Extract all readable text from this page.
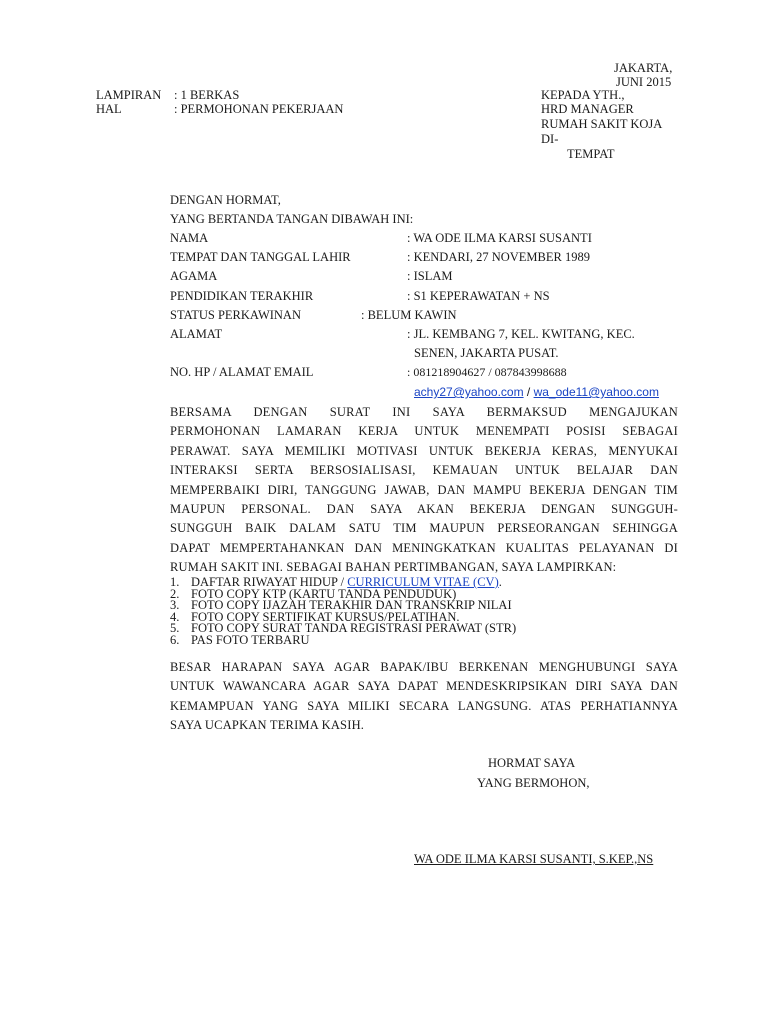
JAKARTA,
JUNI 2015
LAMPIRAN : 1 BERKAS
HAL	: PERMOHONAN PEKERJAAN
KEPADA YTH.,
HRD MANAGER
RUMAH SAKIT KOJA
DI-
TEMPAT
DENGAN HORMAT,
YANG BERTANDA TANGAN DIBAWAH INI:
NAMA	: WA ODE ILMA KARSI SUSANTI
TEMPAT DAN TANGGAL LAHIR	: KENDARI, 27 NOVEMBER 1989
AGAMA	: ISLAM
PENDIDIKAN TERAKHIR	: S1 KEPERAWATAN + NS
STATUS PERKAWINAN	: BELUM KAWIN
ALAMAT	: JL. KEMBANG 7, KEL. KWITANG, KEC.
SENEN, JAKARTA PUSAT.
NO. HP / ALAMAT EMAIL	: 081218904627 / 087843998688
achy27@yahoo.com / wa_ode11@yahoo.com
BERSAMA DENGAN SURAT INI SAYA BERMAKSUD MENGAJUKAN
PERMOHONAN LAMARAN KERJA UNTUK MENEMPATI POSISI SEBAGAI
PERAWAT. SAYA MEMILIKI MOTIVASI UNTUK BEKERJA KERAS, MENYUKAI
INTERAKSI SERTA BERSOSIALISASI, KEMAUAN UNTUK BELAJAR DAN
MEMPERBAIKI DIRI, TANGGUNG JAWAB, DAN MAMPU BEKERJA DENGAN TIM
MAUPUN PERSONAL. DAN SAYA AKAN BEKERJA DENGAN SUNGGUH-
SUNGGUH BAIK DALAM SATU TIM MAUPUN PERSEORANGAN SEHINGGA
DAPAT MEMPERTAHANKAN DAN MENINGKATKAN KUALITAS PELAYANAN DI
RUMAH SAKIT INI. SEBAGAI BAHAN PERTIMBANGAN, SAYA LAMPIRKAN:
1. DAFTAR RIWAYAT HIDUP / CURRICULUM VITAE (CV).
2. FOTO COPY KTP (KARTU TANDA PENDUDUK)
3. FOTO COPY IJAZAH TERAKHIR DAN TRANSKRIP NILAI
4. FOTO COPY SERTIFIKAT KURSUS/PELATIHAN.
5. FOTO COPY SURAT TANDA REGISTRASI PERAWAT (STR)
6. PAS FOTO TERBARU
BESAR HARAPAN SAYA AGAR BAPAK/IBU BERKENAN MENGHUBUNGI SAYA
UNTUK WAWANCARA AGAR SAYA DAPAT MENDESKRIPSIKAN DIRI SAYA DAN
KEMAMPUAN YANG SAYA MILIKI SECARA LANGSUNG. ATAS PERHATIANNYA
SAYA UCAPKAN TERIMA KASIH.
HORMAT SAYA
YANG BERMOHON,
WA ODE ILMA KARSI SUSANTI, S.KEP.,NS
